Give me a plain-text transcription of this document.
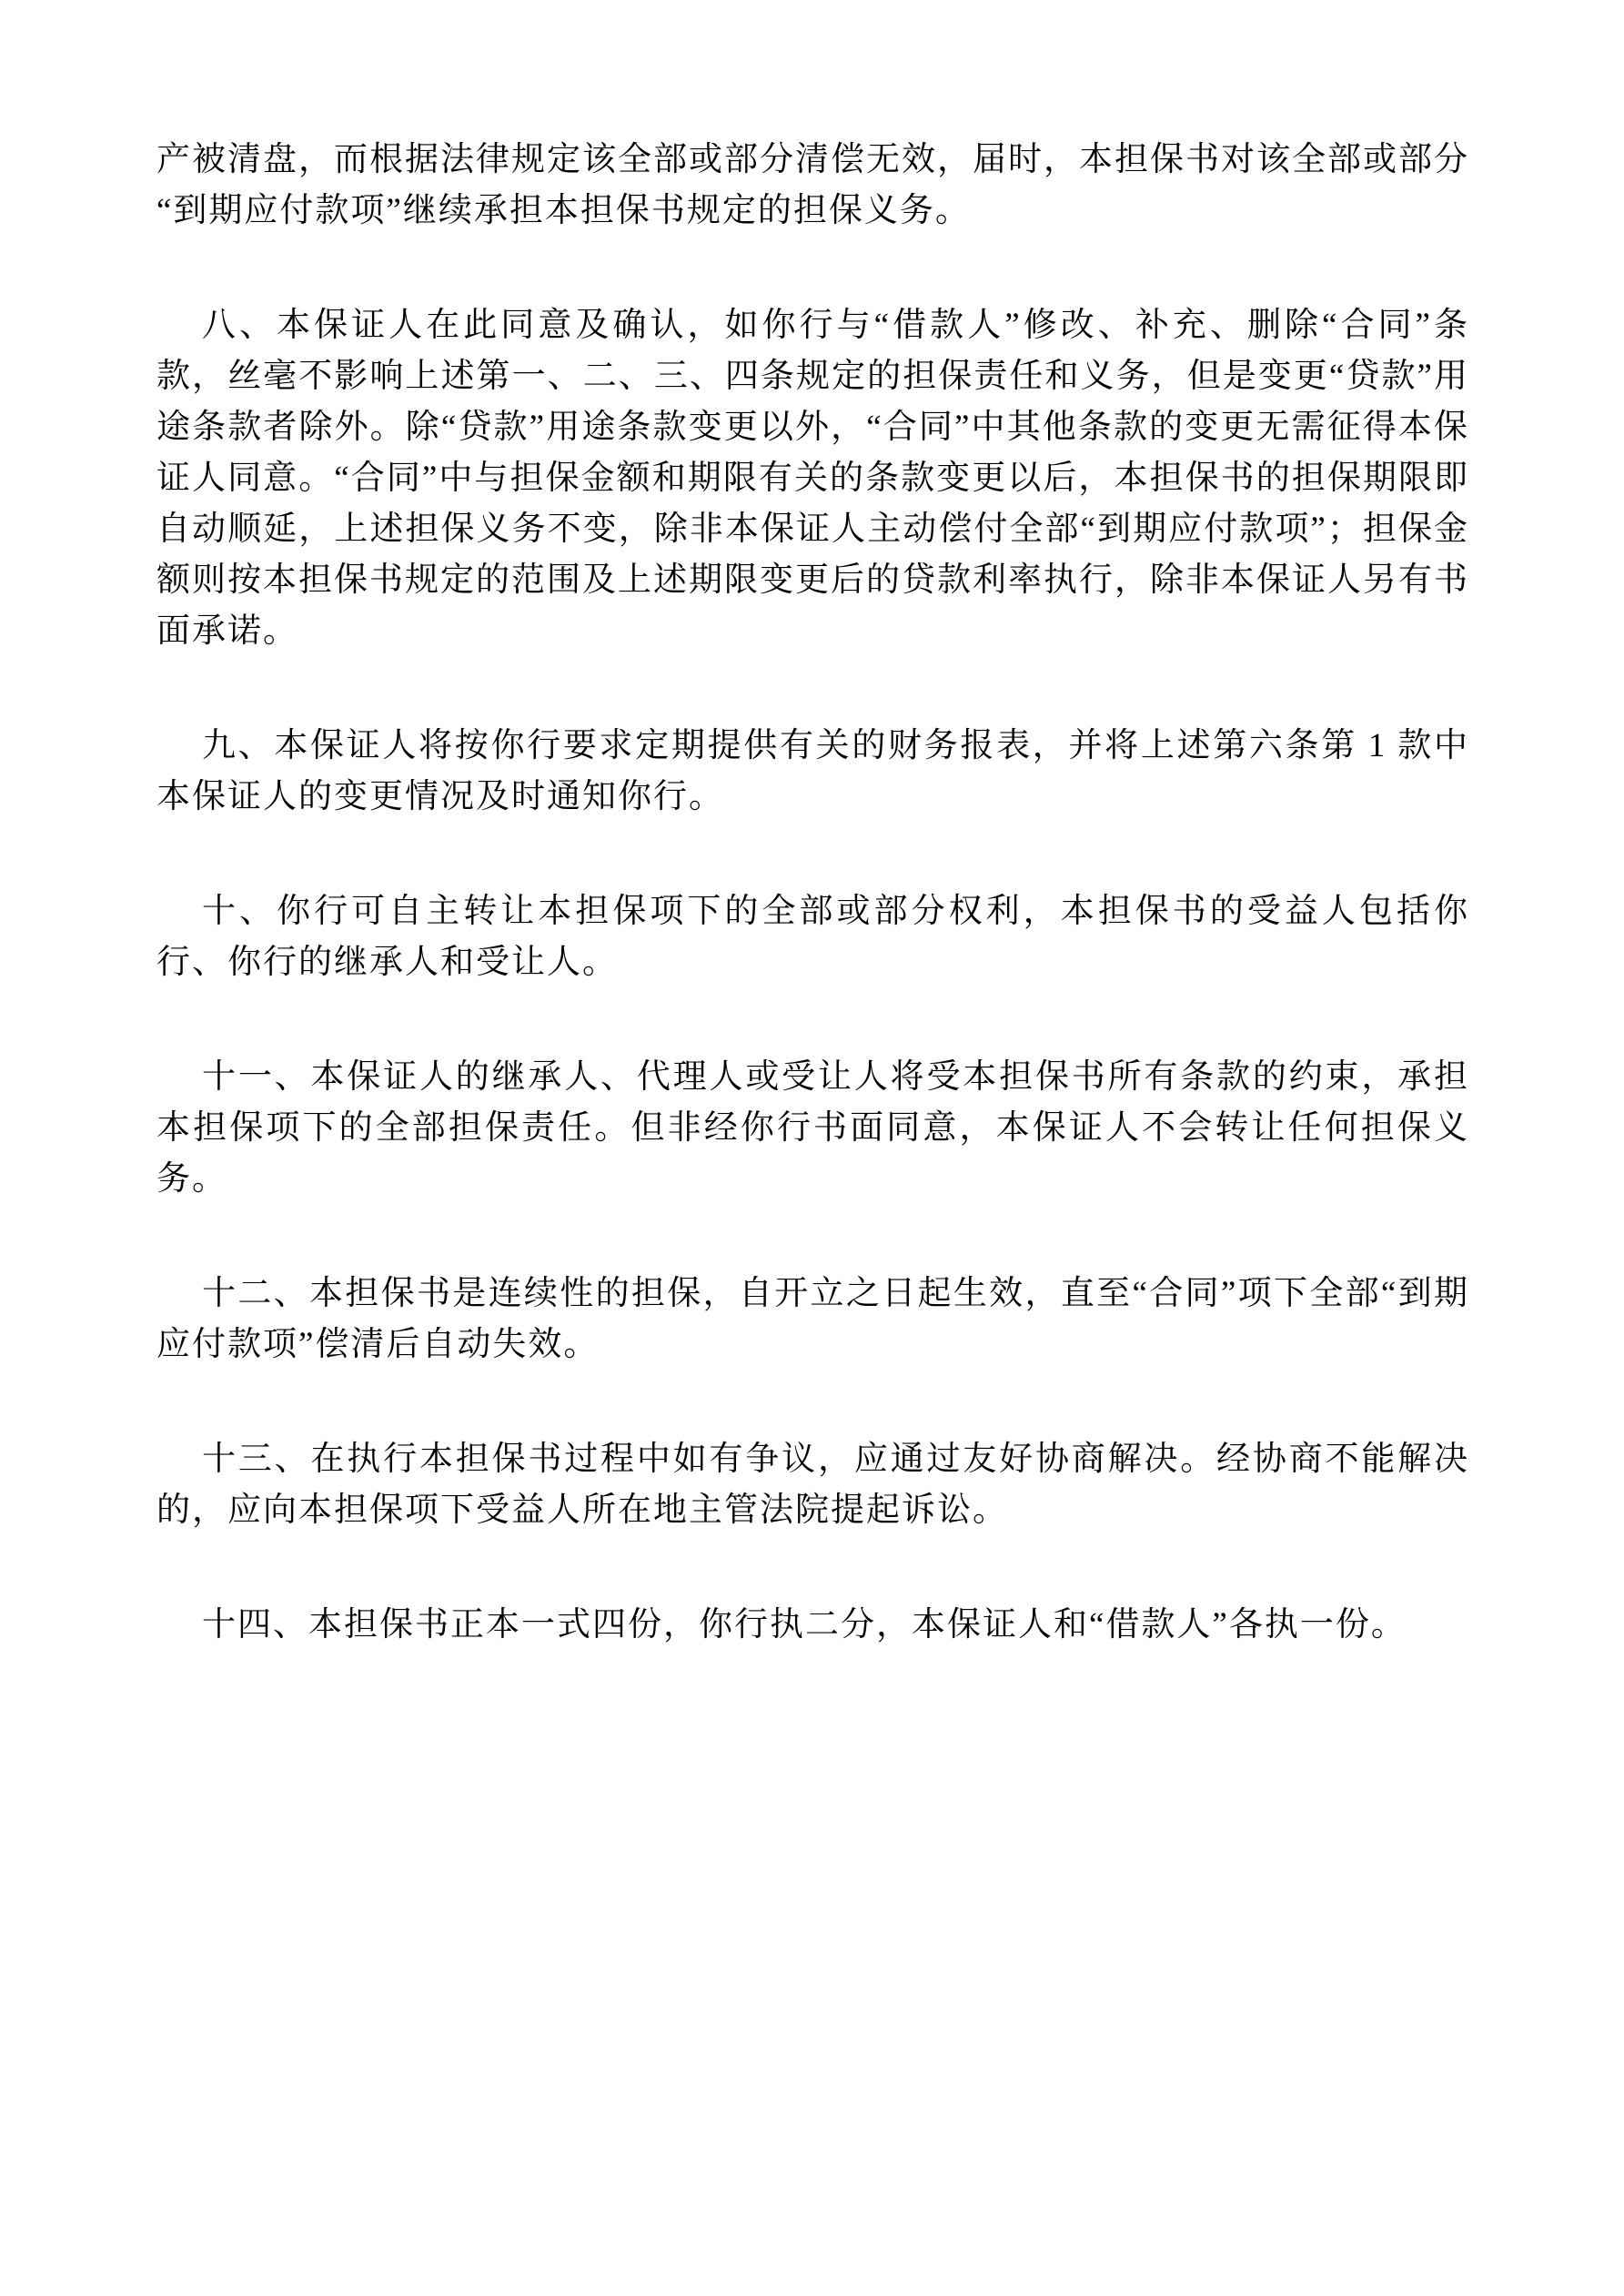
产被清盘，而根据法律规定该全部或部分清偿无效，届时，本担保书对该全部或部分“到期应付款项”继续承担本担保书规定的担保义务。

八、本保证人在此同意及确认，如你行与“借款人”修改、补充、删除“合同”条款，丝毫不影响上述第一、二、三、四条规定的担保责任和义务，但是变更“贷款”用途条款者除外。除“贷款”用途条款变更以外，“合同”中其他条款的变更无需征得本保证人同意。“合同”中与担保金额和期限有关的条款变更以后，本担保书的担保期限即自动顺延，上述担保义务不变，除非本保证人主动偿付全部“到期应付款项”；担保金额则按本担保书规定的范围及上述期限变更后的贷款利率执行，除非本保证人另有书面承诺。

九、本保证人将按你行要求定期提供有关的财务报表，并将上述第六条第 1 款中本保证人的变更情况及时通知你行。

十、你行可自主转让本担保项下的全部或部分权利，本担保书的受益人包括你行、你行的继承人和受让人。

十一、本保证人的继承人、代理人或受让人将受本担保书所有条款的约束，承担本担保项下的全部担保责任。但非经你行书面同意，本保证人不会转让任何担保义务。

十二、本担保书是连续性的担保，自开立之日起生效，直至“合同”项下全部“到期应付款项”偿清后自动失效。

十三、在执行本担保书过程中如有争议，应通过友好协商解决。经协商不能解决的，应向本担保项下受益人所在地主管法院提起诉讼。

十四、本担保书正本一式四份，你行执二分，本保证人和“借款人”各执一份。
